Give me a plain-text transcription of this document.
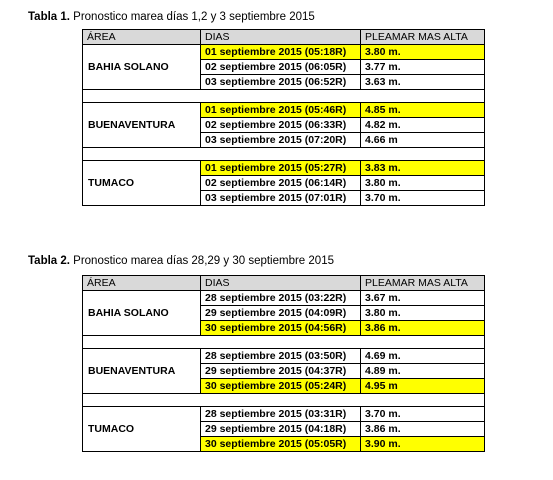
Tabla 1. Pronostico marea días 1,2 y 3 septiembre 2015
ÁREA	DIAS	PLEAMAR MAS ALTA
BAHIA SOLANO	01 septiembre 2015 (05:18R)	3.80 m.
	02 septiembre 2015 (06:05R)	3.77 m.
	03 septiembre 2015 (06:52R)	3.63 m.

BUENAVENTURA	01 septiembre 2015 (05:46R)	4.85 m.
	02 septiembre 2015 (06:33R)	4.82 m.
	03 septiembre 2015 (07:20R)	4.66 m

TUMACO	01 septiembre 2015 (05:27R)	3.83 m.
	02 septiembre 2015 (06:14R)	3.80 m.
	03 septiembre 2015 (07:01R)	3.70 m.
Tabla 2. Pronostico marea días 28,29 y 30 septiembre 2015
ÁREA	DIAS	PLEAMAR MAS ALTA
BAHIA SOLANO	28 septiembre 2015 (03:22R)	3.67 m.
	29 septiembre 2015 (04:09R)	3.80 m.
	30 septiembre 2015 (04:56R)	3.86 m.

BUENAVENTURA	28 septiembre 2015 (03:50R)	4.69 m.
	29 septiembre 2015 (04:37R)	4.89 m.
	30 septiembre 2015 (05:24R)	4.95 m

TUMACO	28 septiembre 2015 (03:31R)	3.70 m.
	29 septiembre 2015 (04:18R)	3.86 m.
	30 septiembre 2015 (05:05R)	3.90 m.
